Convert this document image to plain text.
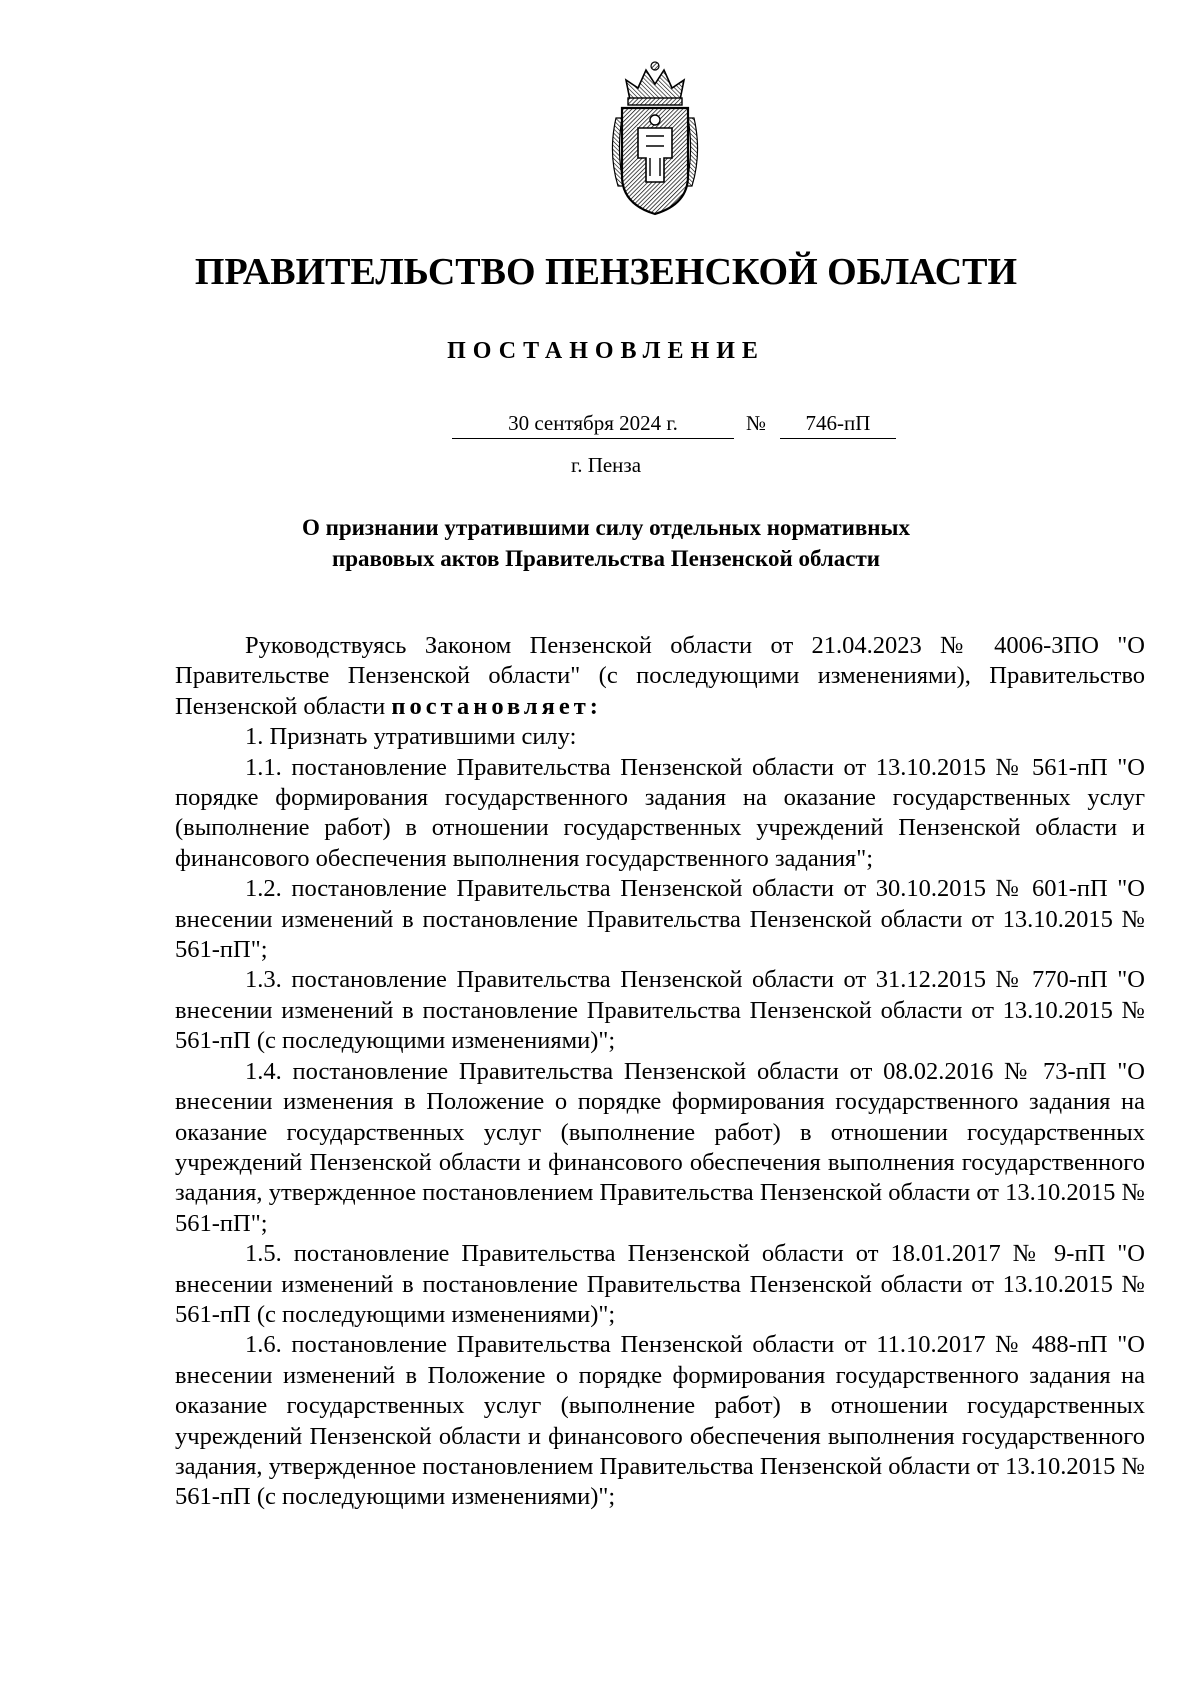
ПРАВИТЕЛЬСТВО ПЕНЗЕНСКОЙ ОБЛАСТИ
ПОСТАНОВЛЕНИЕ
30 сентября 2024 г.	№	746-пП
г. Пенза
О признании утратившими силу отдельных нормативных
правовых актов Правительства Пензенской области

Руководствуясь Законом Пензенской области от 21.04.2023 № 4006-ЗПО "О Правительстве Пензенской области" (с последующими изменениями), Правительство Пензенской области постановляет:

1. Признать утратившими силу:

1.1. постановление Правительства Пензенской области от 13.10.2015 № 561-пП "О порядке формирования государственного задания на оказание государственных услуг (выполнение работ) в отношении государственных учреждений Пензенской области и финансового обеспечения выполнения государственного задания";

1.2. постановление Правительства Пензенской области от 30.10.2015 № 601-пП "О внесении изменений в постановление Правительства Пензенской области от 13.10.2015 № 561-пП";

1.3. постановление Правительства Пензенской области от 31.12.2015 № 770-пП "О внесении изменений в постановление Правительства Пензенской области от 13.10.2015 № 561-пП (с последующими изменениями)";

1.4. постановление Правительства Пензенской области от 08.02.2016 № 73-пП "О внесении изменения в Положение о порядке формирования государственного задания на оказание государственных услуг (выполнение работ) в отношении государственных учреждений Пензенской области и финансового обеспечения выполнения государственного задания, утвержденное постановлением Правительства Пензенской области от 13.10.2015 № 561-пП";

1.5. постановление Правительства Пензенской области от 18.01.2017 № 9-пП "О внесении изменений в постановление Правительства Пензенской области от 13.10.2015 № 561-пП (с последующими изменениями)";

1.6. постановление Правительства Пензенской области от 11.10.2017 № 488-пП "О внесении изменений в Положение о порядке формирования государственного задания на оказание государственных услуг (выполнение работ) в отношении государственных учреждений Пензенской области и финансового обеспечения выполнения государственного задания, утвержденное постановлением Правительства Пензенской области от 13.10.2015 № 561-пП (с последующими изменениями)";
